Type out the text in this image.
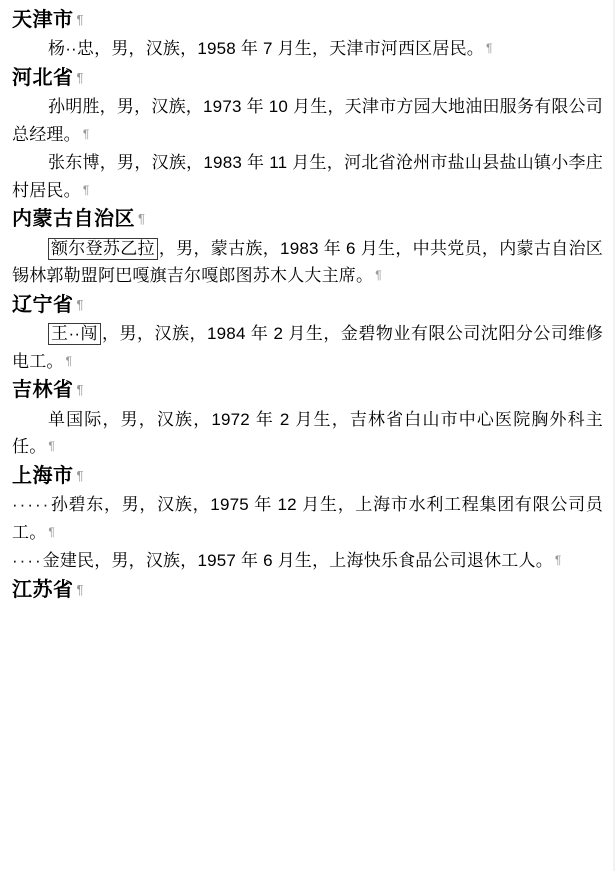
天津市 ¶

杨··忠，男，汉族，1958 年 7 月生，天津市河西区居民。 ¶

河北省 ¶

孙明胜，男，汉族，1973 年 10 月生，天津市方园大地油田服务有限公司总经理。 ¶

张东博，男，汉族，1983 年 11 月生，河北省沧州市盐山县盐山镇小李庄村居民。 ¶

内蒙古自治区 ¶

额尔登苏乙拉 ，男，蒙古族，1983 年 6 月生，中共党员，内蒙古自治区锡林郭勒盟阿巴嘎旗吉尔嘎郎图苏木人大主席。 ¶

辽宁省 ¶

王··闯 ，男，汉族，1984 年 2 月生，金碧物业有限公司沈阳分公司维修电工。 ¶

吉林省 ¶

单国际，男，汉族，1972 年 2 月生，吉林省白山市中心医院胸外科主任。 ¶

上海市 ¶

·····孙碧东，男，汉族，1975 年 12 月生，上海市水利工程集团有限公司员工。 ¶

····金建民，男，汉族，1957 年 6 月生，上海快乐食品公司退休工人。 ¶

江苏省 ¶
